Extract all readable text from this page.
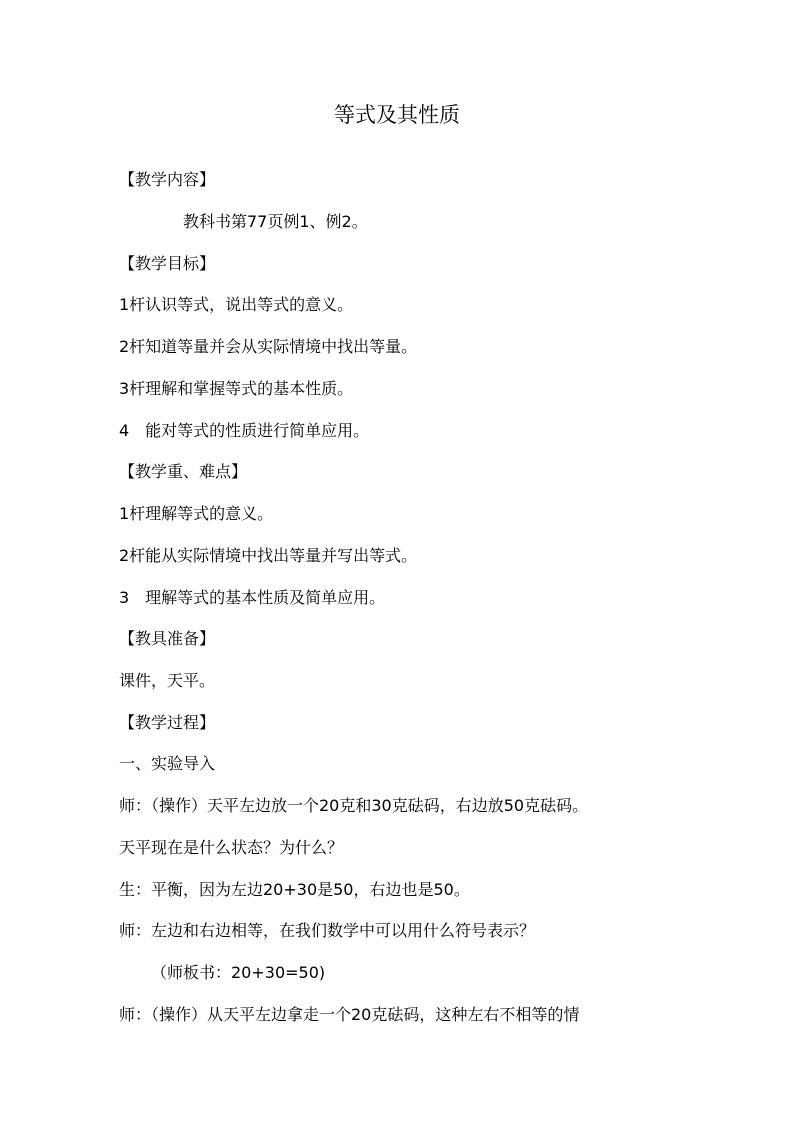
等式及其性质
【教学内容】
教科书第77页例1、例2。
【教学目标】
1杆认识等式，说出等式的意义。
2杆知道等量并会从实际情境中找出等量。
3杆理解和掌握等式的基本性质。
4　能对等式的性质进行简单应用。
【教学重、难点】
1杆理解等式的意义。
2杆能从实际情境中找出等量并写出等式。
3　理解等式的基本性质及简单应用。
【教具准备】
课件，天平。
【教学过程】
一、实验导入
师：（操作）天平左边放一个20克和30克砝码，右边放50克砝码。
天平现在是什么状态？为什么？
生：平衡，因为左边20+30是50，右边也是50。
师：左边和右边相等，在我们数学中可以用什么符号表示？
（师板书：20+30=50)
师：（操作）从天平左边拿走一个20克砝码，这种左右不相等的情
